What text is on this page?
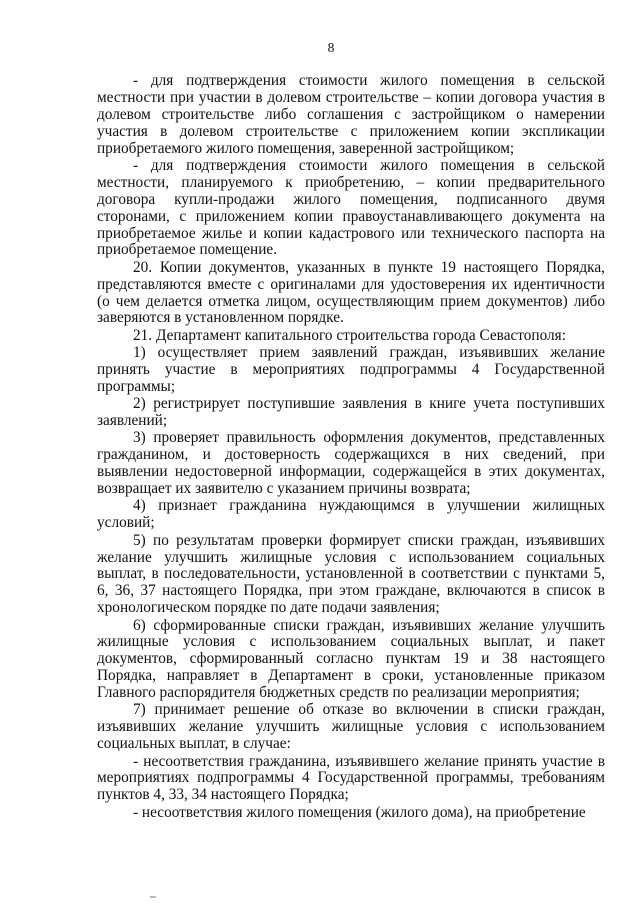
8

- для подтверждения стоимости жилого помещения в сельской местности при участии в долевом строительстве – копии договора участия в долевом строительстве либо соглашения с застройщиком о намерении участия в долевом строительстве с приложением копии экспликации приобретаемого жилого помещения, заверенной застройщиком;

- для подтверждения стоимости жилого помещения в сельской местности, планируемого к приобретению, – копии предварительного договора купли-продажи жилого помещения, подписанного двумя сторонами, с приложением копии правоустанавливающего документа на приобретаемое жилье и копии кадастрового или технического паспорта на приобретаемое помещение.

20. Копии документов, указанных в пункте 19 настоящего Порядка, представляются вместе с оригиналами для удостоверения их идентичности (о чем делается отметка лицом, осуществляющим прием документов) либо заверяются в установленном порядке.

21. Департамент капитального строительства города Севастополя:

1) осуществляет прием заявлений граждан, изъявивших желание принять участие в мероприятиях подпрограммы 4 Государственной программы;

2) регистрирует поступившие заявления в книге учета поступивших заявлений;

3) проверяет правильность оформления документов, представленных гражданином, и достоверность содержащихся в них сведений, при выявлении недостоверной информации, содержащейся в этих документах, возвращает их заявителю с указанием причины возврата;

4) признает гражданина нуждающимся в улучшении жилищных условий;

5) по результатам проверки формирует списки граждан, изъявивших желание улучшить жилищные условия с использованием социальных выплат, в последовательности, установленной в соответствии с пунктами 5, 6, 36, 37 настоящего Порядка, при этом граждане, включаются в список в хронологическом порядке по дате подачи заявления;

6) сформированные списки граждан, изъявивших желание улучшить жилищные условия с использованием социальных выплат, и пакет документов, сформированный согласно пунктам 19 и 38 настоящего Порядка, направляет в Департамент в сроки, установленные приказом Главного распорядителя бюджетных средств по реализации мероприятия;

7) принимает решение об отказе во включении в списки граждан, изъявивших желание улучшить жилищные условия с использованием социальных выплат, в случае:

- несоответствия гражданина, изъявившего желание принять участие в мероприятиях подпрограммы 4 Государственной программы, требованиям пунктов 4, 33, 34 настоящего Порядка;

- несоответствия жилого помещения (жилого дома), на приобретение
